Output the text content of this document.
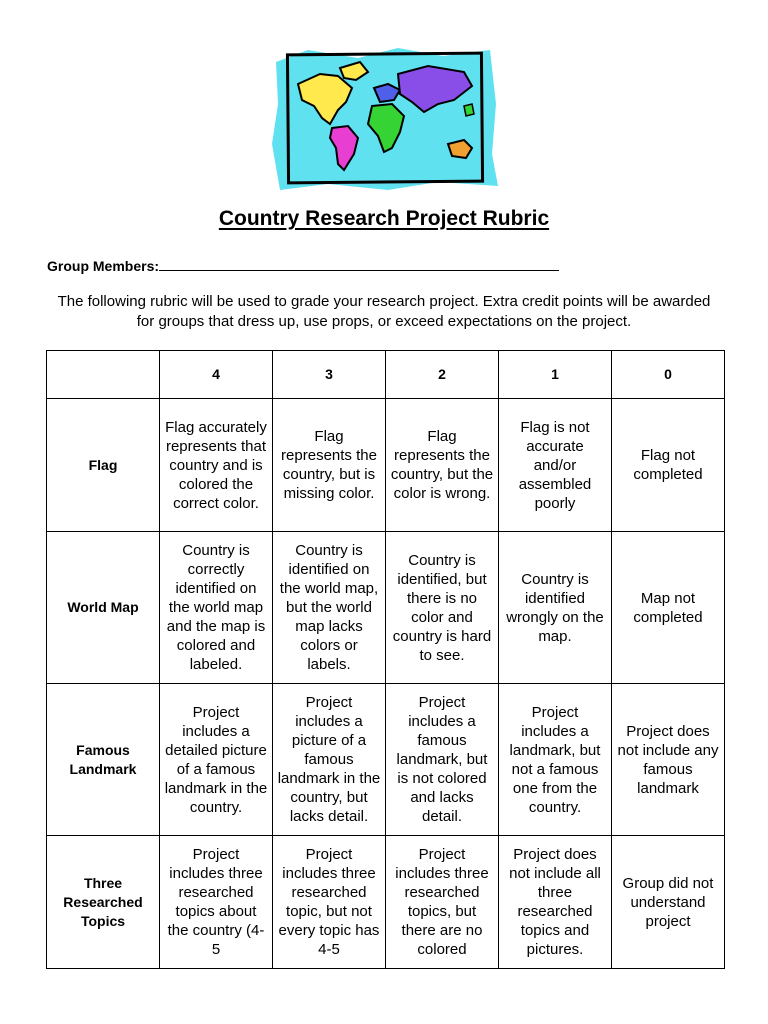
Country Research Project Rubric
Group Members:
The following rubric will be used to grade your research project. Extra credit points will be awarded for groups that dress up, use props, or exceed expectations on the project.
	4	3	2	1	0
Flag	Flag accurately represents that country and is colored the correct color.	Flag represents the country, but is missing color.	Flag represents the country, but the color is wrong.	Flag is not accurate and/or assembled poorly	Flag not completed

World Map	Country is correctly identified on the world map and the map is colored and labeled.	Country is identified on the world map, but the world map lacks colors or labels.	Country is identified, but there is no color and country is hard to see.	Country is identified wrongly on the map.	Map not completed

Famous Landmark	Project includes a detailed picture of a famous landmark in the country.	Project includes a picture of a famous landmark in the country, but lacks detail.	Project includes a famous landmark, but is not colored and lacks detail.	Project includes a landmark, but not a famous one from the country.	Project does not include any famous landmark

Three Researched Topics	Project includes three researched topics about the country (4-5	Project includes three researched topic, but not every topic has 4-5	Project includes three researched topics, but there are no colored	Project does not include all three researched topics and pictures.	Group did not understand project
